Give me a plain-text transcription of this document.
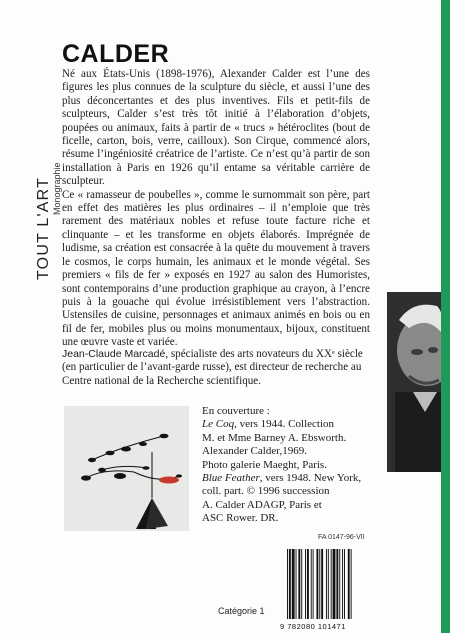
TOUT L'ART Monographie
CALDER

Né aux États-Unis (1898-1976), Alexander Calder est l’une des figures les plus connues de la sculpture du siècle, et aussi l’une des plus déconcertantes et des plus inventives. Fils et petit-fils de sculpteurs, Calder s’est très tôt initié à l’élaboration d’objets, poupées ou animaux, faits à partir de « trucs » hétéroclites (bout de ficelle, carton, bois, verre, cailloux). Son Cirque, commencé alors, résume l’ingéniosité créatrice de l’artiste. Ce n’est qu’à partir de son installation à Paris en 1926 qu’il entame sa véritable carrière de sculpteur.

Ce « ramasseur de poubelles », comme le surnommait son père, part en effet des matières les plus ordinaires – il n’emploie que très rarement des matériaux nobles et refuse toute facture riche et clinquante – et les transforme en objets élaborés. Imprégnée de ludisme, sa création est consacrée à la quête du mouvement à travers le cosmos, le corps humain, les animaux et le monde végétal. Ses premiers « fils de fer » exposés en 1927 au salon des Humoristes, sont contemporains d’une production graphique au crayon, à l’encre puis à la gouache qui évolue irrésistiblement vers l’abstraction. Ustensiles de cuisine, personnages et animaux animés en bois ou en fil de fer, mobiles plus ou moins monumentaux, bijoux, constituent une œuvre vaste et variée.

Jean-Claude Marcadé, spécialiste des arts novateurs du XXᵉ siècle (en particulier de l’avant-garde russe), est directeur de recherche au Centre national de la Recherche scientifique.
En couverture :
Le Coq, vers 1944. Collection
M. et Mme Barney A. Ebsworth.
Alexander Calder,1969.
Photo galerie Maeght, Paris.
Blue Feather, vers 1948. New York,
coll. part. © 1996 succession
A. Calder ADAGP, Paris et
ASC Rower. DR.
FA 0147-96-VII
Catégorie 1
9 782080 101471
